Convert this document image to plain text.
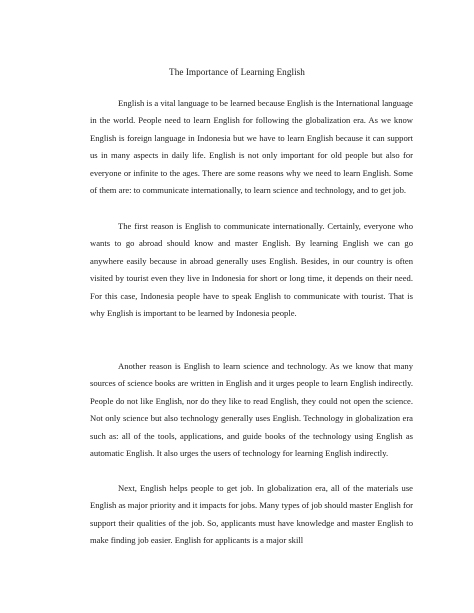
The Importance of Learning English

English is a vital language to be learned because English is the International language in the world. People need to learn English for following the globalization era. As we know English is foreign language in Indonesia but we have to learn English because it can support us in many aspects in daily life. English is not only important for old people but also for everyone or infinite to the ages. There are some reasons why we need to learn English. Some of them are: to communicate internationally, to learn science and technology, and to get job.

The first reason is English to communicate internationally. Certainly, everyone who wants to go abroad should know and master English. By learning English we can go anywhere easily because in abroad generally uses English. Besides, in our country is often visited by tourist even they live in Indonesia for short or long time, it depends on their need. For this case, Indonesia people have to speak English to communicate with tourist. That is why English is important to be learned by Indonesia people.

Another reason is English to learn science and technology. As we know that many sources of science books are written in English and it urges people to learn English indirectly. People do not like English, nor do they like to read English, they could not open the science. Not only science but also technology generally uses English. Technology in globalization era such as: all of the tools, applications, and guide books of the technology using English as automatic English. It also urges the users of technology for learning English indirectly.

Next, English helps people to get job. In globalization era, all of the materials use English as major priority and it impacts for jobs. Many types of job should master English for support their qualities of the job. So, applicants must have knowledge and master English to make finding job easier. English for applicants is a major skill
